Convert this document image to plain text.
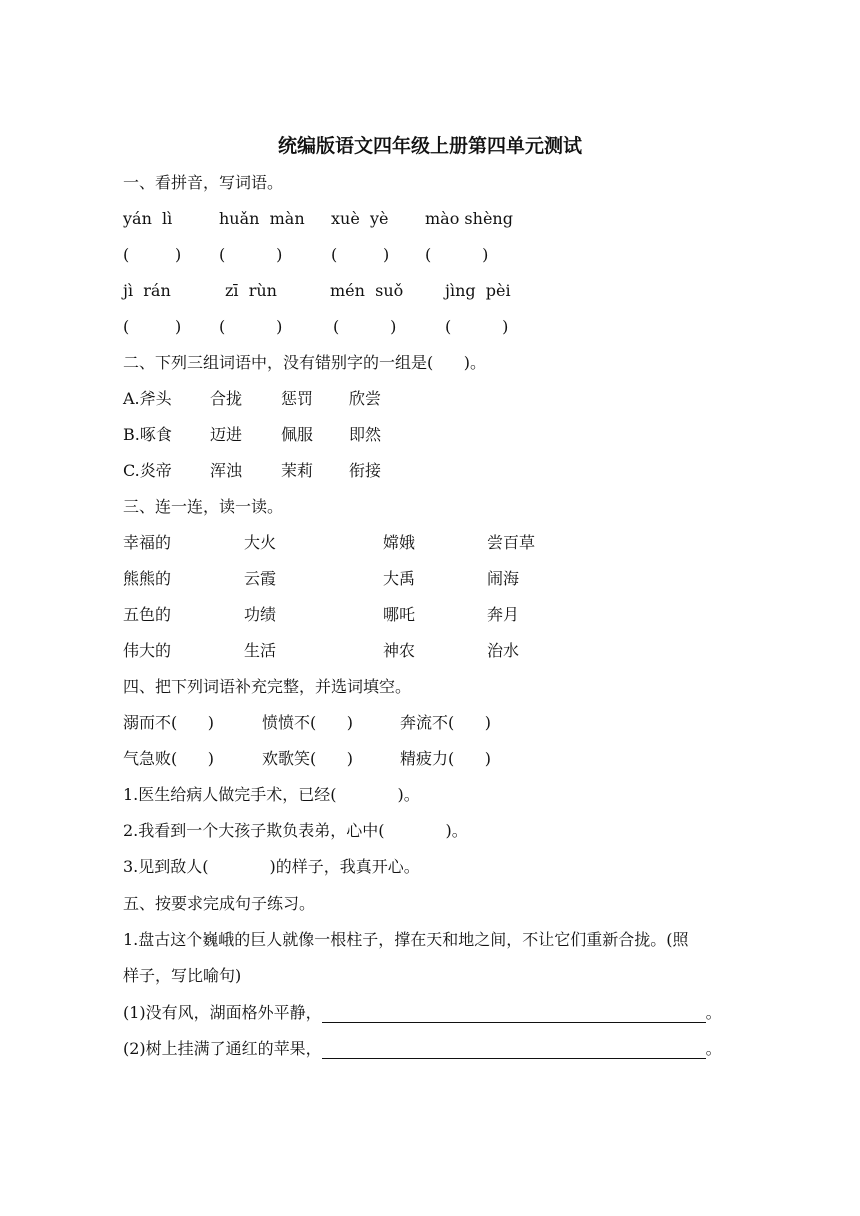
统编版语文四年级上册第四单元测试
一、看拼音，写词语。
yán  lì	huǎn  màn xuè  yè mào shèng
(         ) (          )	(         ) (          )
jì  rán	zī  rùn	mén  suǒ	jìng  pèi
(         ) (          )	(          )	(          )
二、下列三组词语中，没有错别字的一组是(      )。
A.斧头 合拢 惩罚 欣尝
B.啄食 迈进 佩服 即然
C.炎帝 浑浊 茉莉 衔接
三、连一连，读一读。
幸福的	大火	嫦娥	尝百草
熊熊的	云霞	大禹	闹海
五色的	功绩	哪吒	奔月
伟大的	生活	神农	治水
四、把下列词语补充完整，并选词填空。
溺而不(      )	愤愤不(      )	奔流不(      )
气急败(      )	欢歌笑(      )	精疲力(      )
1.医生给病人做完手术，已经(            )。
2.我看到一个大孩子欺负表弟，心中(            )。
3.见到敌人(            )的样子，我真开心。
五、按要求完成句子练习。
1.盘古这个巍峨的巨人就像一根柱子，撑在天和地之间，不让它们重新合拢。(照
样子，写比喻句)
(1)没有风，湖面格外平静，	。
(2)树上挂满了通红的苹果，	。
